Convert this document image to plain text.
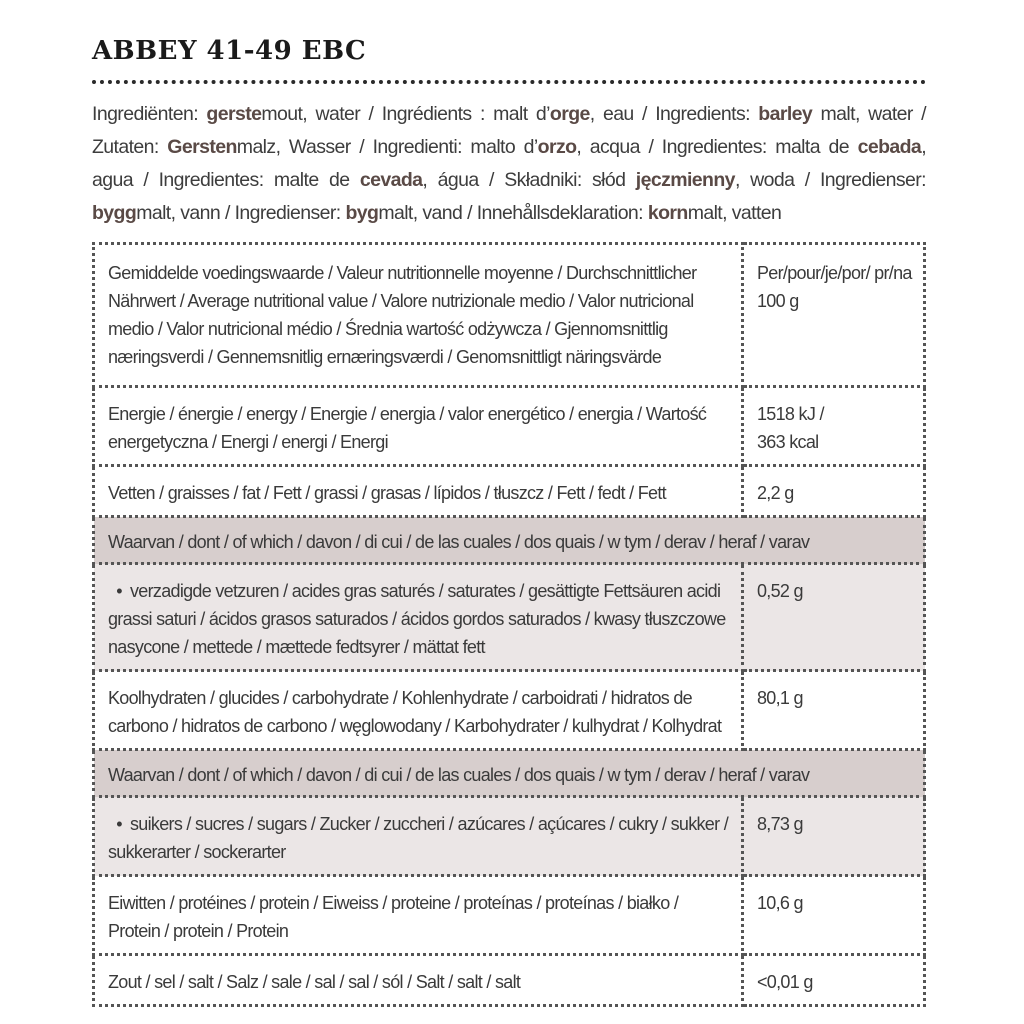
ABBEY 41-49 EBC

Ingrediënten: gerstemout, water / Ingrédients : malt d’orge, eau / Ingredients: barley malt, water / Zutaten: Gerstenmalz, Wasser / Ingredienti: malto d’orzo, acqua / Ingredientes: malta de cebada, agua / Ingredientes: malte de cevada, água / Składniki: słód jęczmienny, woda / Ingredienser: byggmalt, vann / Ingredienser: bygmalt, vand / Innehållsdeklaration: kornmalt, vatten

Gemiddelde voedingswaarde / Valeur nutritionnelle moyenne / Durchschnittlicher Nährwert / Average nutritional value / Valore nutrizionale medio / Valor nutricional medio / Valor nutricional médio / Średnia wartość odżywcza / Gjennomsnittlig næringsverdi / Gennemsnitlig ernæringsværdi / Genomsnittligt näringsvärde	Per/pour/je/por/ pr/na 100 g
Energie / énergie / energy / Energie / energia / valor energético / energia / Wartość energetyczna / Energi / energi / Energi	1518 kJ /
363 kcal

Vetten / graisses / fat / Fett / grassi / grasas / lípidos / tłuszcz / Fett / fedt / Fett	2,2 g
Waarvan / dont / of which / davon / di cui / de las cuales / dos quais / w tym / derav / heraf / varav	
• verzadigde vetzuren / acides gras saturés / saturates / gesättigte Fettsäuren acidi grassi saturi / ácidos grasos saturados / ácidos gordos saturados / kwasy tłuszczowe nasycone / mettede / mættede fedtsyrer / mättat fett	0,52 g
Koolhydraten / glucides / carbohydrate / Kohlenhydrate / carboidrati / hidratos de carbono / hidratos de carbono / węglowodany / Karbohydrater / kulhydrat / Kolhydrat	80,1 g
Waarvan / dont / of which / davon / di cui / de las cuales / dos quais / w tym / derav / heraf / varav	
• suikers / sucres / sugars / Zucker / zuccheri / azúcares / açúcares / cukry / sukker / sukkerarter / sockerarter	8,73 g
Eiwitten / protéines / protein / Eiweiss / proteine / proteínas / proteínas / białko / Protein / protein / Protein	10,6 g
Zout / sel / salt / Salz / sale / sal / sal / sól / Salt / salt / salt	<0,01 g
